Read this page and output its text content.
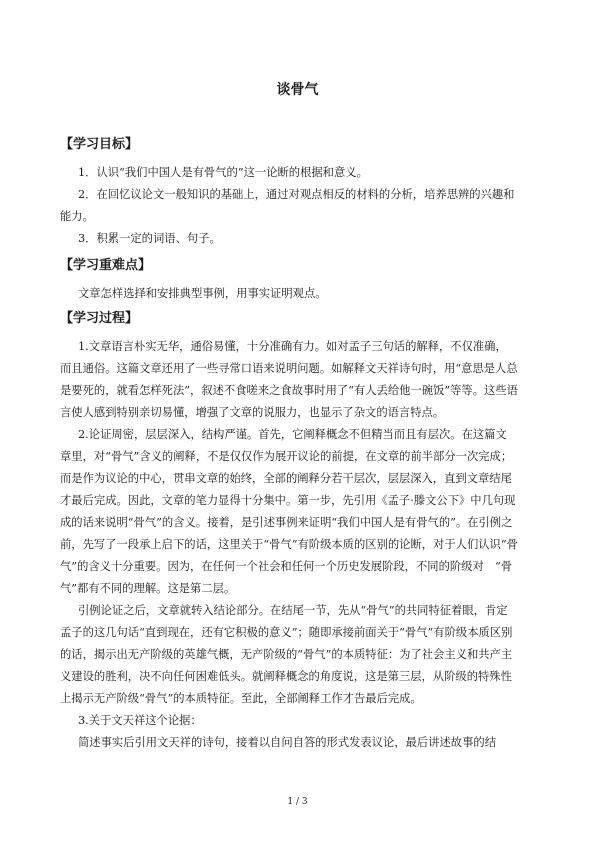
谈骨气
【学习目标】
1．认识“我们中国人是有骨气的”这一论断的根据和意义。
2．在回忆议论文一般知识的基础上，通过对观点相反的材料的分析，培养思辨的兴趣和
能力。
3．积累一定的词语、句子。
【学习重难点】
文章怎样选择和安排典型事例，用事实证明观点。
【学习过程】
1.文章语言朴实无华，通俗易懂，十分准确有力。如对孟子三句话的解释，不仅准确，
而且通俗。这篇文章还用了一些寻常口语来说明问题。如解释文天祥诗句时，用“意思是人总
是要死的，就看怎样死法”，叙述不食嗟来之食故事时用了“有人丢给他一碗饭”等等。这些语
言使人感到特别亲切易懂，增强了文章的说服力，也显示了杂文的语言特点。
2.论证周密，层层深入，结构严谨。首先，它阐释概念不但精当而且有层次。在这篇文
章里，对“骨气”含义的阐释，不是仅仅作为展开议论的前提，在文章的前半部分一次完成；
而是作为议论的中心，贯串文章的始终，全部的阐释分若干层次，层层深入，直到文章结尾
才最后完成。因此，文章的笔力显得十分集中。第一步，先引用《孟子·滕文公下》中几句现
成的话来说明“骨气”的含义。接着，是引述事例来证明“我们中国人是有骨气的”。在引例之
前，先写了一段承上启下的话，这里关于“骨气”有阶级本质的区别的论断，对于人们认识“骨
气”的含义十分重要。因为，在任何一个社会和任何一个历史发展阶段，不同的阶级对　“骨
气”都有不同的理解。这是第二层。
引例论证之后，文章就转入结论部分。在结尾一节，先从“骨气”的共同特征着眼，肯定
孟子的这几句话“直到现在，还有它积极的意义”；随即承接前面关于“骨气”有阶级本质区别
的话，揭示出无产阶级的英雄气概，无产阶级的“骨气”的本质特征：为了社会主义和共产主
义建设的胜利，决不向任何困难低头。就阐释概念的角度说，这是第三层，从阶级的特殊性
上揭示无产阶级“骨气”的本质特征。至此，全部阐释工作才告最后完成。
3.关于文天祥这个论据：
简述事实后引用文天祥的诗句，接着以自问自答的形式发表议论，最后讲述故事的结
1 / 3
